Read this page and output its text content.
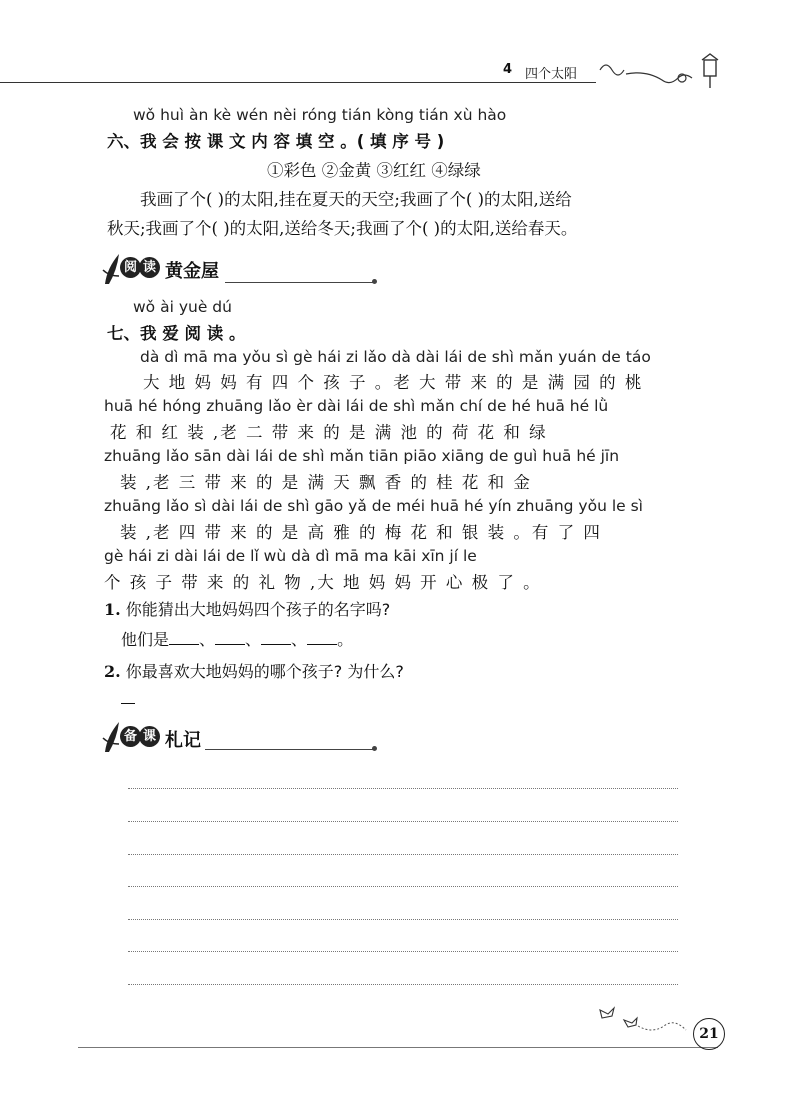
4 四个太阳
wǒ huì àn kè wén nèi róng tián kòng tián xù hào
六、我 会 按 课 文 内 容 填 空 。( 填 序 号 )
①彩色 ②金黄 ③红红 ④绿绿
我画了个( )的太阳,挂在夏天的天空;我画了个( )的太阳,送给
秋天;我画了个( )的太阳,送给冬天;我画了个( )的太阳,送给春天。
阅 读 黄金屋
wǒ ài yuè dú
七、我 爱 阅 读 。
dà dì mā ma yǒu sì gè hái zi lǎo dà dài lái de shì mǎn yuán de táo
大 地 妈 妈 有 四 个 孩 子 。老 大 带 来 的 是 满 园 的 桃
huā hé hóng zhuāng lǎo èr dài lái de shì mǎn chí de hé huā hé lǜ
花 和 红 装 ,老 二 带 来 的 是 满 池 的 荷 花 和 绿
zhuāng lǎo sān dài lái de shì mǎn tiān piāo xiāng de guì huā hé jīn
装 ,老 三 带 来 的 是 满 天 飘 香 的 桂 花 和 金
zhuāng lǎo sì dài lái de shì gāo yǎ de méi huā hé yín zhuāng yǒu le sì
装 ,老 四 带 来 的 是 高 雅 的 梅 花 和 银 装 。有 了 四
gè hái zi dài lái de lǐ wù dà dì mā ma kāi xīn jí le
个 孩 子 带 来 的 礼 物 ,大 地 妈 妈 开 心 极 了 。
1. 你能猜出大地妈妈四个孩子的名字吗?
他们是 、 、 、 。
2. 你最喜欢大地妈妈的哪个孩子? 为什么?
备 课 札记
21
